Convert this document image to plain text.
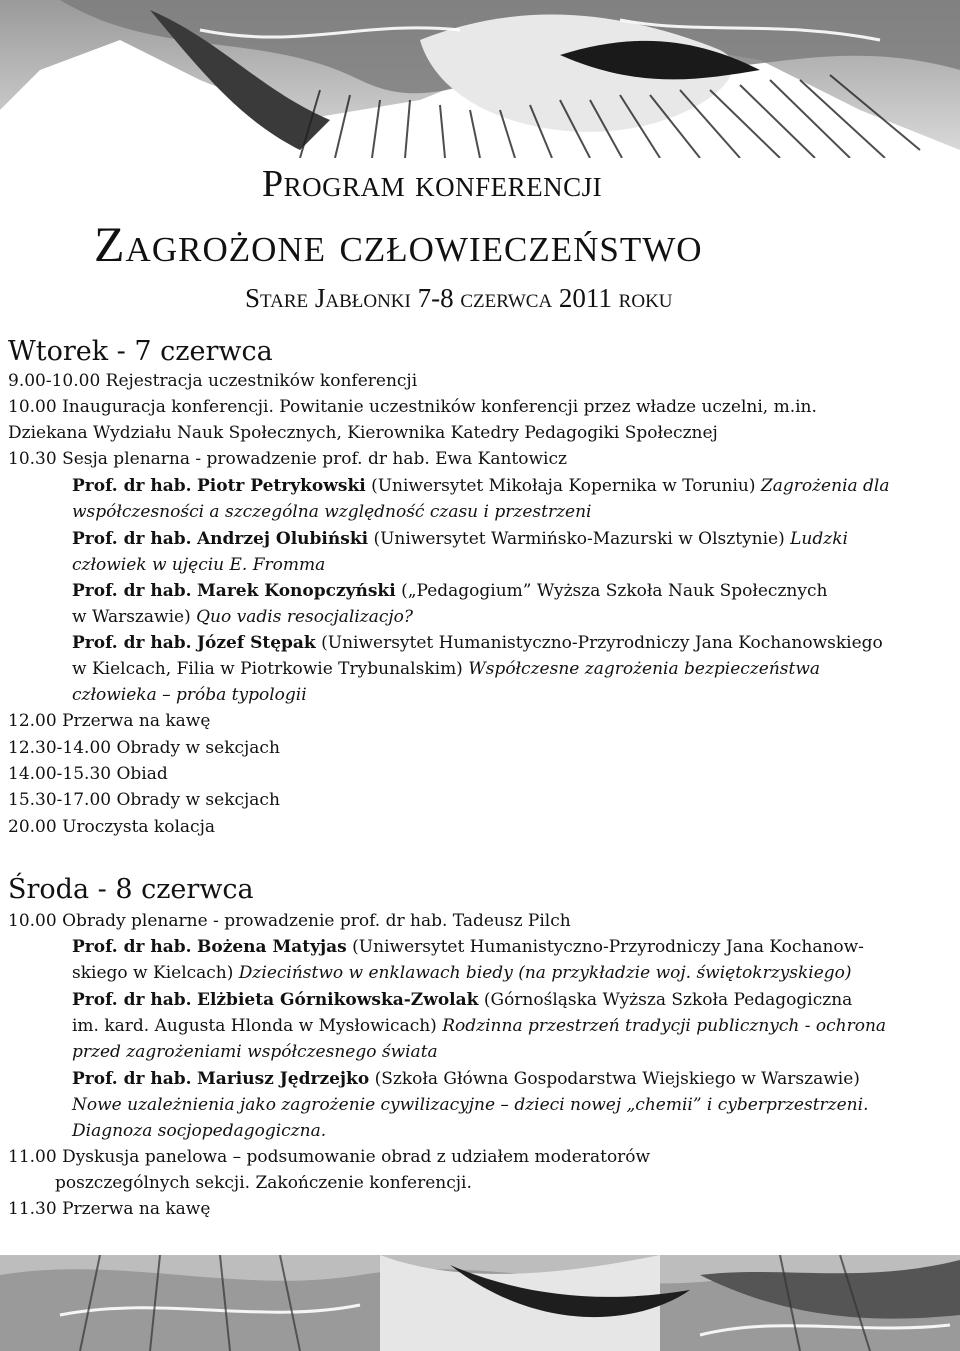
Program konferencji
Zagrożone człowieczeństwo
Stare Jabłonki 7-8 czerwca 2011 roku
Wtorek - 7 czerwca
9.00-10.00 Rejestracja uczestników konferencji
10.00 Inauguracja konferencji. Powitanie uczestników konferencji przez władze uczelni, m.in.
Dziekana Wydziału Nauk Społecznych, Kierownika Katedry Pedagogiki Społecznej
10.30 Sesja plenarna - prowadzenie prof. dr hab. Ewa Kantowicz
Prof. dr hab. Piotr Petrykowski (Uniwersytet Mikołaja Kopernika w Toruniu) Zagrożenia dla
współczesności a szczególna względność czasu i przestrzeni
Prof. dr hab. Andrzej Olubiński (Uniwersytet Warmińsko-Mazurski w Olsztynie) Ludzki
człowiek w ujęciu E. Fromma
Prof. dr hab. Marek Konopczyński („Pedagogium” Wyższa Szkoła Nauk Społecznych
w Warszawie) Quo vadis resocjalizacjo?
Prof. dr hab. Józef Stępak (Uniwersytet Humanistyczno-Przyrodniczy Jana Kochanowskiego
w Kielcach, Filia w Piotrkowie Trybunalskim) Współczesne zagrożenia bezpieczeństwa
człowieka – próba typologii
12.00 Przerwa na kawę
12.30-14.00 Obrady w sekcjach
14.00-15.30 Obiad
15.30-17.00 Obrady w sekcjach
20.00 Uroczysta kolacja
Środa - 8 czerwca
10.00 Obrady plenarne - prowadzenie prof. dr hab. Tadeusz Pilch
Prof. dr hab. Bożena Matyjas (Uniwersytet Humanistyczno-Przyrodniczy Jana Kochanow-
skiego w Kielcach) Dzieciństwo w enklawach biedy (na przykładzie woj. świętokrzyskiego)
Prof. dr hab. Elżbieta Górnikowska-Zwolak (Górnośląska Wyższa Szkoła Pedagogiczna
im. kard. Augusta Hlonda w Mysłowicach) Rodzinna przestrzeń tradycji publicznych - ochrona
przed zagrożeniami współczesnego świata
Prof. dr hab. Mariusz Jędrzejko (Szkoła Główna Gospodarstwa Wiejskiego w Warszawie)
Nowe uzależnienia jako zagrożenie cywilizacyjne – dzieci nowej „chemii” i cyberprzestrzeni.
Diagnoza socjopedagogiczna.
11.00 Dyskusja panelowa – podsumowanie obrad z udziałem moderatorów
poszczególnych sekcji. Zakończenie konferencji.
11.30 Przerwa na kawę
